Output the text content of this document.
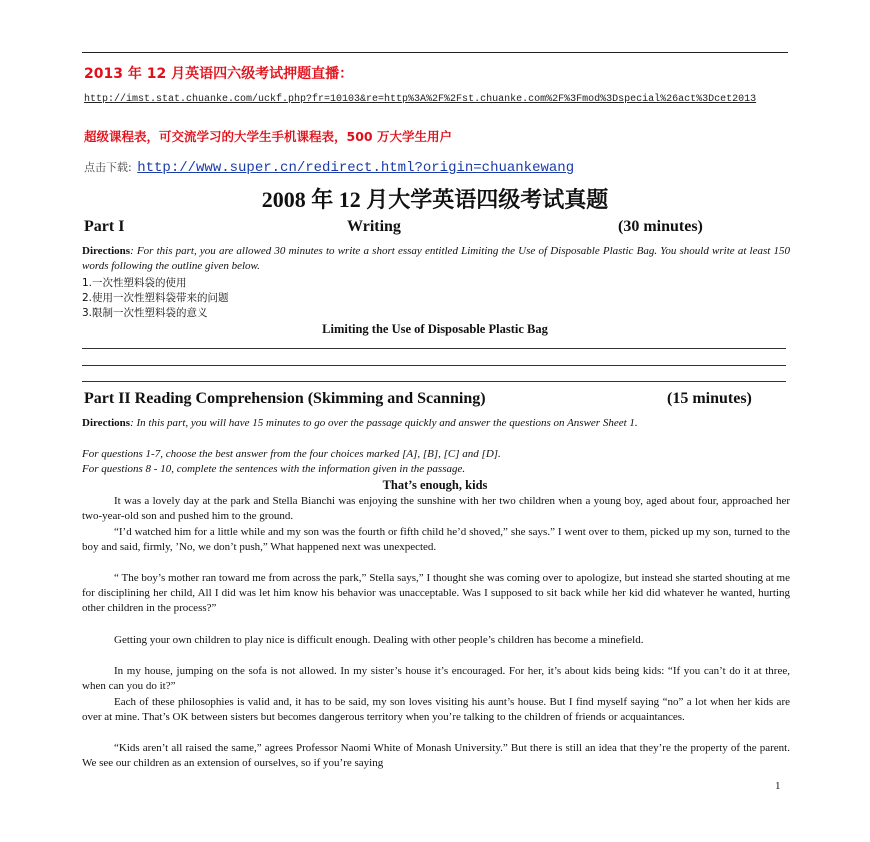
2013 年 12 月英语四六级考试押题直播：
http://imst.stat.chuanke.com/uckf.php?fr=10103&re=http%3A%2F%2Fst.chuanke.com%2F%3Fmod%3Dspecial%26act%3Dcet2013
超级课程表，可交流学习的大学生手机课程表，500 万大学生用户
点击下载: http://www.super.cn/redirect.html?origin=chuankewang
2008 年 12 月大学英语四级考试真题
Part I	Writing	(30 minutes)
Directions: For this part, you are allowed 30 minutes to write a short essay entitled Limiting the Use of Disposable Plastic Bag. You should write at least 150 words following the outline given below.
1.一次性塑料袋的使用
2.使用一次性塑料袋带来的问题
3.限制一次性塑料袋的意义
Limiting the Use of Disposable Plastic Bag
Part II Reading Comprehension (Skimming and Scanning)	(15 minutes)
Directions: In this part, you will have 15 minutes to go over the passage quickly and answer the questions on Answer Sheet 1.
For questions 1-7, choose the best answer from the four choices marked [A], [B], [C] and [D].
For questions 8 - 10, complete the sentences with the information given in the passage.
That’s enough, kids
It was a lovely day at the park and Stella Bianchi was enjoying the sunshine with her two children when a young boy, aged about four, approached her two-year-old son and pushed him to the ground.
“I’d watched him for a little while and my son was the fourth or fifth child he’d shoved,” she says.” I went over to them, picked up my son, turned to the boy and said, firmly, ’No, we don’t push,” What happened next was unexpected.
“ The boy’s mother ran toward me from across the park,” Stella says,” I thought she was coming over to apologize, but instead she started shouting at me for disciplining her child, All I did was let him know his behavior was unacceptable. Was I supposed to sit back while her kid did whatever he wanted, hurting other children in the process?”
Getting your own children to play nice is difficult enough. Dealing with other people’s children has become a minefield.
In my house, jumping on the sofa is not allowed. In my sister’s house it’s encouraged. For her, it’s about kids being kids: “If you can’t do it at three, when can you do it?”
Each of these philosophies is valid and, it has to be said, my son loves visiting his aunt’s house. But I find myself saying “no” a lot when her kids are over at mine. That’s OK between sisters but becomes dangerous territory when you’re talking to the children of friends or acquaintances.
“Kids aren’t all raised the same,” agrees Professor Naomi White of Monash University.” But there is still an idea that they’re the property of the parent. We see our children as an extension of ourselves, so if you’re saying
1
